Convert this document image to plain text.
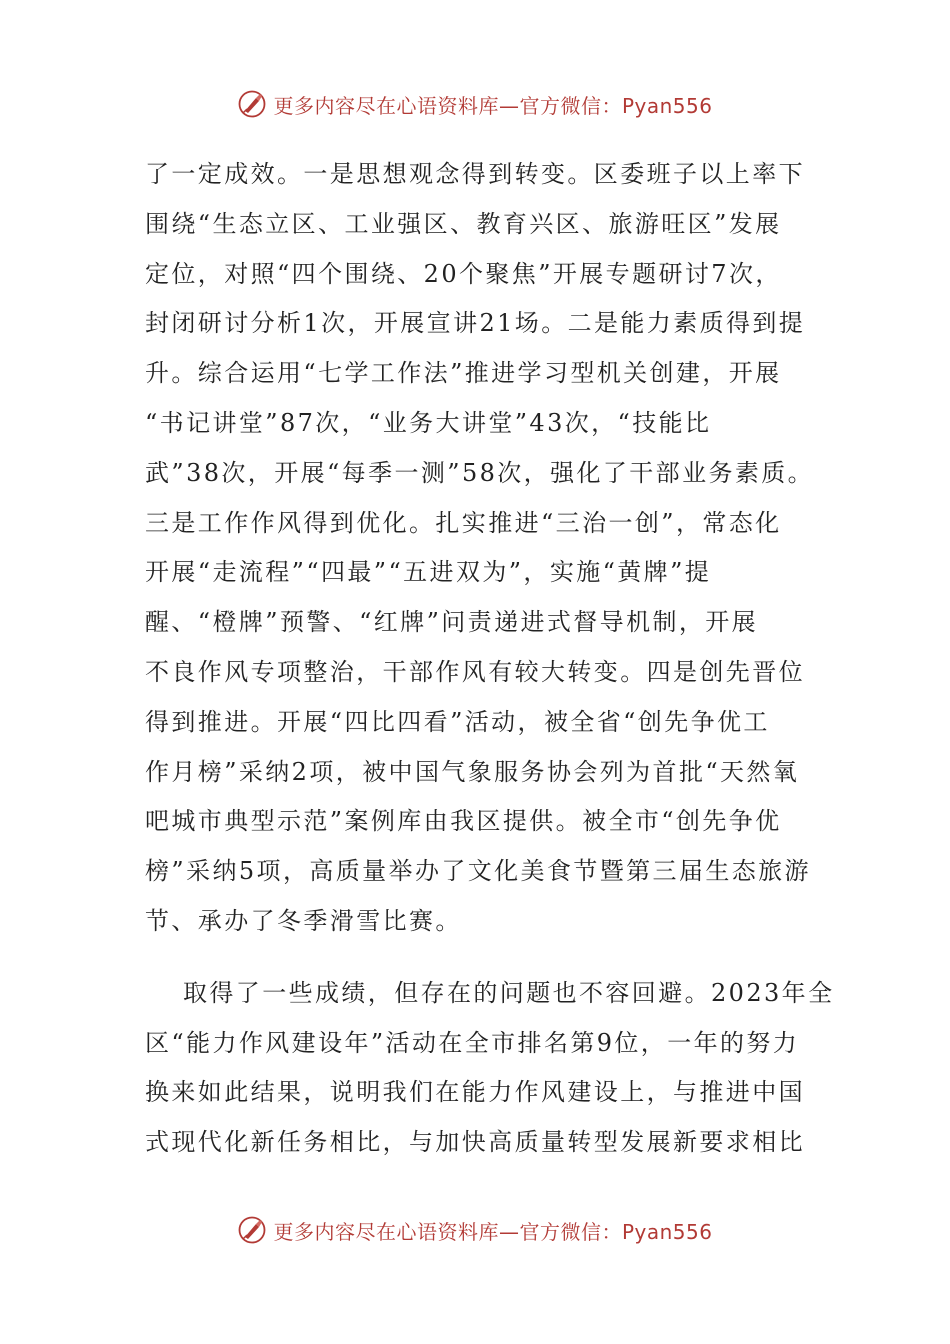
更多内容尽在心语资料库—官方微信：Pyan556
了一定成效。一是思想观念得到转变。区委班子以上率下
围绕“生态立区、工业强区、教育兴区、旅游旺区”发展
定位，对照“四个围绕、20个聚焦”开展专题研讨7次，
封闭研讨分析1次，开展宣讲21场。二是能力素质得到提
升。综合运用“七学工作法”推进学习型机关创建，开展
“书记讲堂”87次，“业务大讲堂”43次，“技能比
武”38次，开展“每季一测”58次，强化了干部业务素质。
三是工作作风得到优化。扎实推进“三治一创”，常态化
开展“走流程”“四最”“五进双为”，实施“黄牌”提
醒、“橙牌”预警、“红牌”问责递进式督导机制，开展
不良作风专项整治，干部作风有较大转变。四是创先晋位
得到推进。开展“四比四看”活动，被全省“创先争优工
作月榜”采纳2项，被中国气象服务协会列为首批“天然氧
吧城市典型示范”案例库由我区提供。被全市“创先争优
榜”采纳5项，高质量举办了文化美食节暨第三届生态旅游
节、承办了冬季滑雪比赛。
取得了一些成绩，但存在的问题也不容回避。2023年全
区“能力作风建设年”活动在全市排名第9位，一年的努力
换来如此结果，说明我们在能力作风建设上，与推进中国
式现代化新任务相比，与加快高质量转型发展新要求相比
更多内容尽在心语资料库—官方微信：Pyan556
